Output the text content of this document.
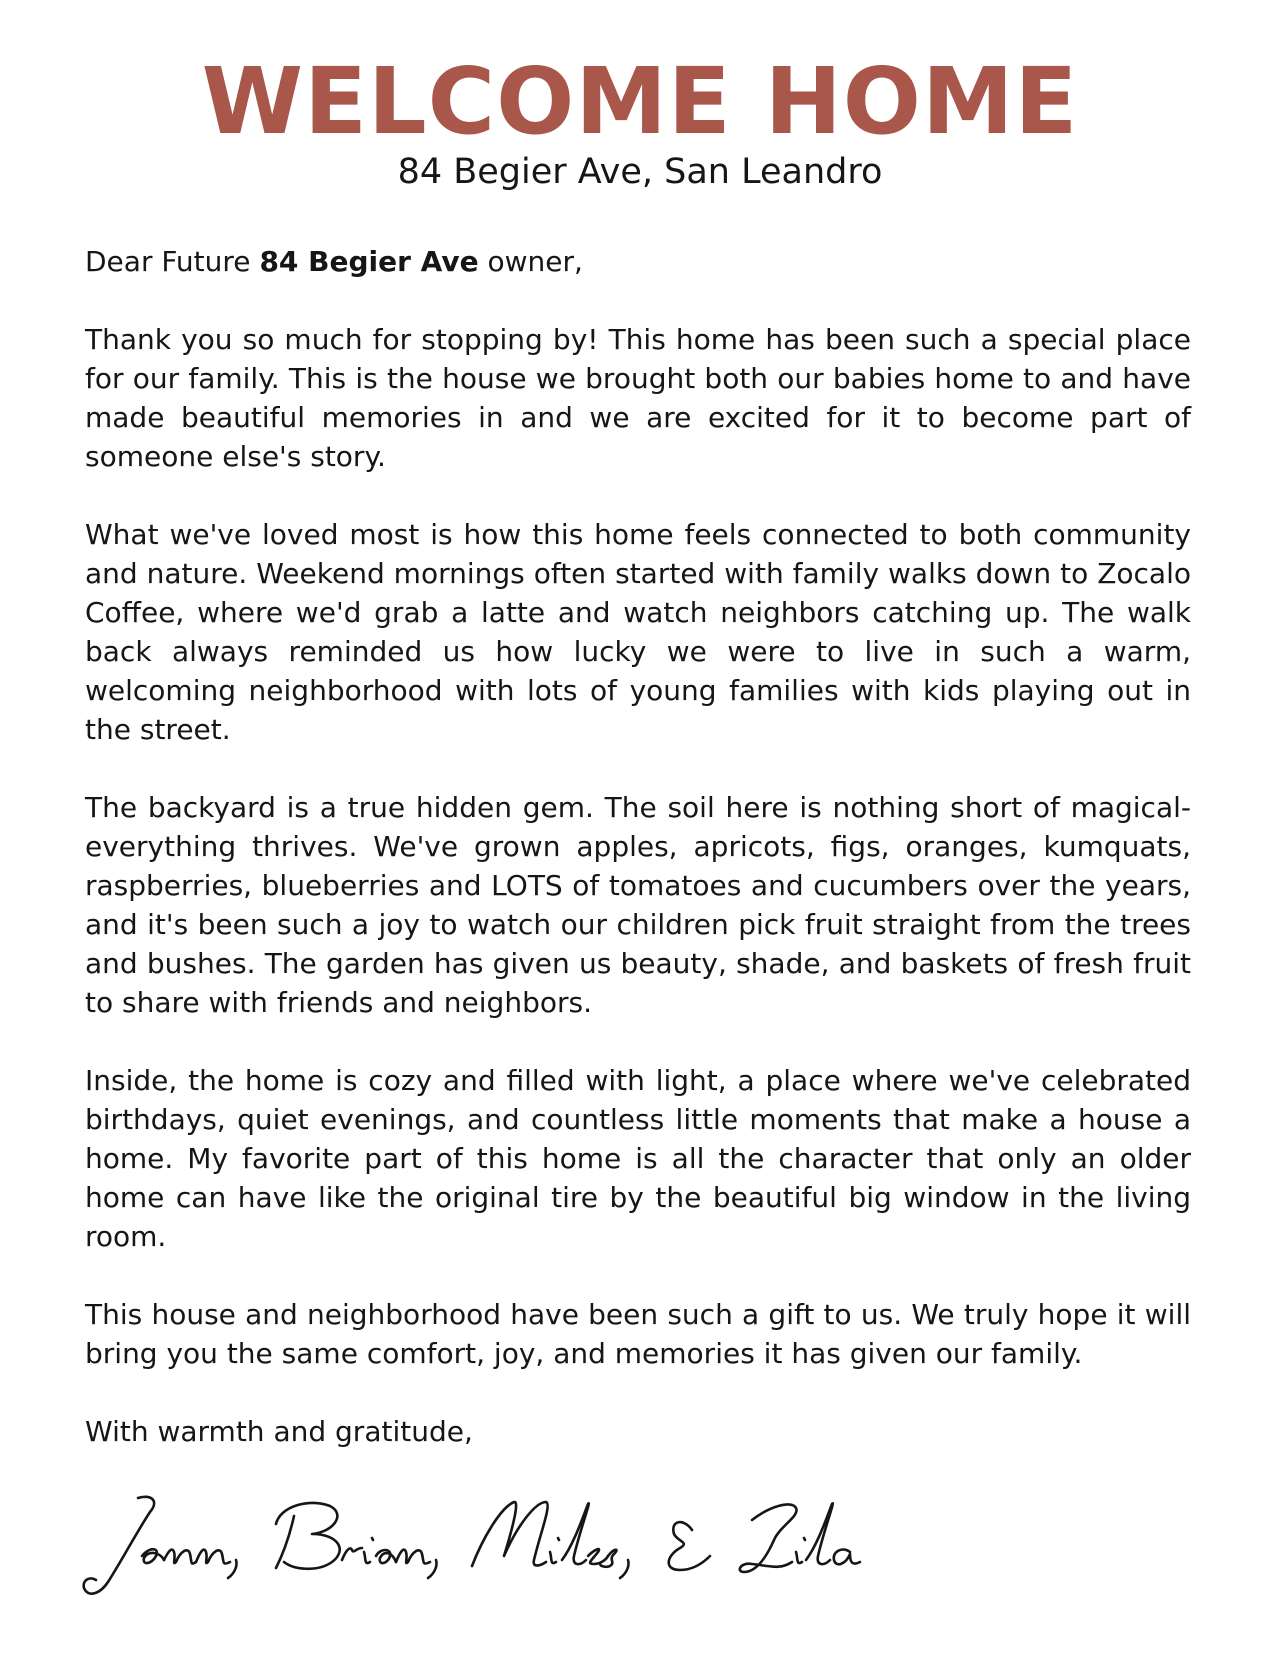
WELCOME HOME
84 Begier Ave, San Leandro

Dear Future 84 Begier Ave owner,

Thank you so much for stopping by! This home has been such a special place for our family. This is the house we brought both our babies home to and have made beautiful memories in and we are excited for it to become part of someone else's story.

What we've loved most is how this home feels connected to both community and nature. Weekend mornings often started with family walks down to Zocalo Coffee, where we'd grab a latte and watch neighbors catching up. The walk back always reminded us how lucky we were to live in such a warm, welcoming neighborhood with lots of young families with kids playing out in the street.

The backyard is a true hidden gem. The soil here is nothing short of magical- everything thrives. We've grown apples, apricots, figs, oranges, kumquats, raspberries, blueberries and LOTS of tomatoes and cucumbers over the years, and it's been such a joy to watch our children pick fruit straight from the trees and bushes. The garden has given us beauty, shade, and baskets of fresh fruit to share with friends and neighbors.

Inside, the home is cozy and filled with light, a place where we've celebrated birthdays, quiet evenings, and countless little moments that make a house a home. My favorite part of this home is all the character that only an older home can have like the original tire by the beautiful big window in the living room.

This house and neighborhood have been such a gift to us. We truly hope it will bring you the same comfort, joy, and memories it has given our family.

With warmth and gratitude,
